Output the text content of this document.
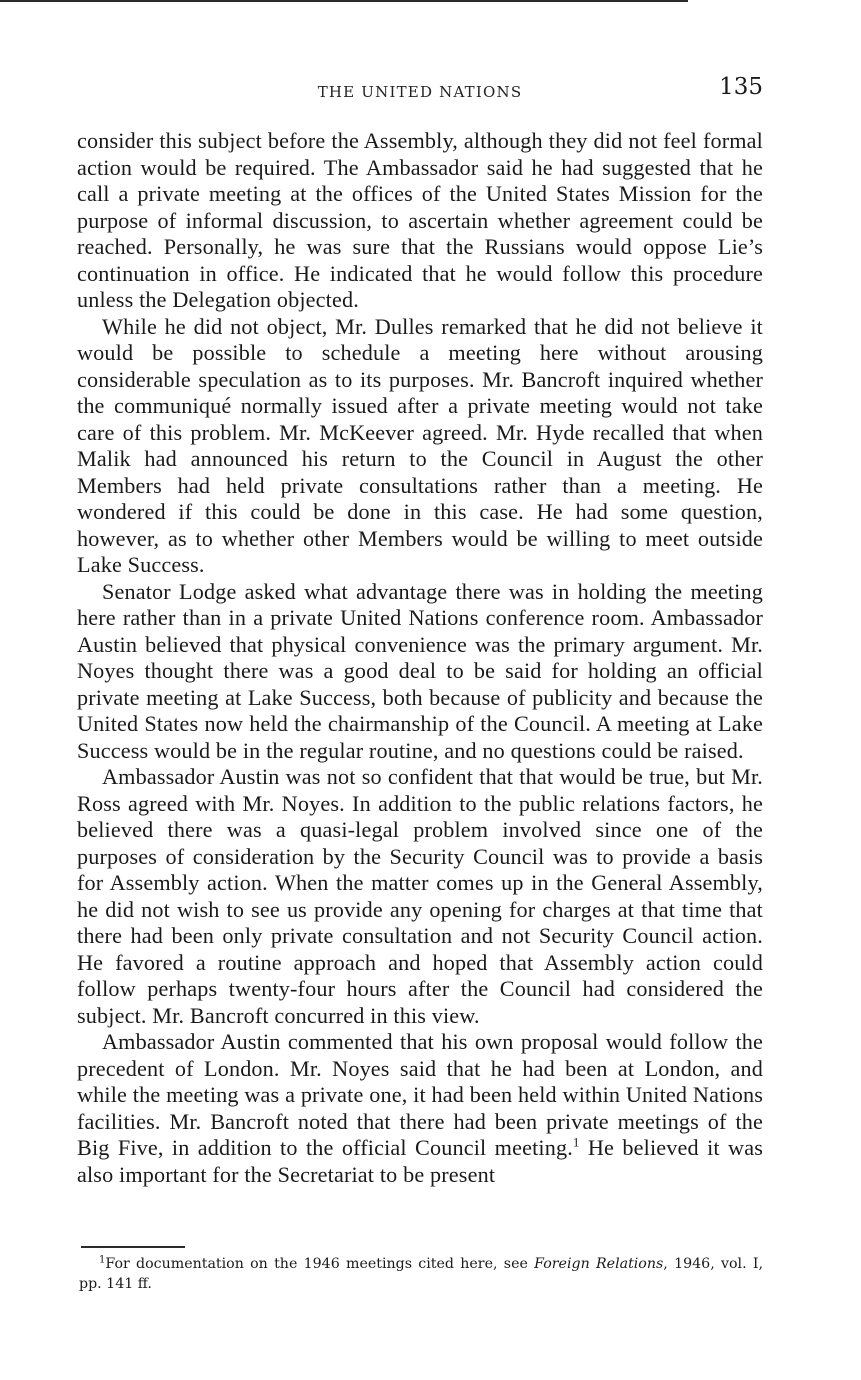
THE UNITED NATIONS	135

consider this subject before the Assembly, although they did not feel formal action would be required. The Ambassador said he had suggested that he call a private meeting at the offices of the United States Mission for the purpose of informal discussion, to ascertain whether agreement could be reached. Personally, he was sure that the Russians would oppose Lie’s continuation in office. He indicated that he would follow this procedure unless the Delegation objected.

While he did not object, Mr. Dulles remarked that he did not believe it would be possible to schedule a meeting here without arousing considerable speculation as to its purposes. Mr. Bancroft inquired whether the communiqué normally issued after a private meeting would not take care of this problem. Mr. McKeever agreed. Mr. Hyde recalled that when Malik had announced his return to the Council in August the other Members had held private consultations rather than a meeting. He wondered if this could be done in this case. He had some question, however, as to whether other Members would be willing to meet outside Lake Success.

Senator Lodge asked what advantage there was in holding the meeting here rather than in a private United Nations conference room. Ambassador Austin believed that physical convenience was the primary argument. Mr. Noyes thought there was a good deal to be said for holding an official private meeting at Lake Success, both because of publicity and because the United States now held the chairmanship of the Council. A meeting at Lake Success would be in the regular routine, and no questions could be raised.

Ambassador Austin was not so confident that that would be true, but Mr. Ross agreed with Mr. Noyes. In addition to the public relations factors, he believed there was a quasi-legal problem involved since one of the purposes of consideration by the Security Council was to provide a basis for Assembly action. When the matter comes up in the General Assembly, he did not wish to see us provide any opening for charges at that time that there had been only private consultation and not Security Council action. He favored a routine approach and hoped that Assembly action could follow perhaps twenty-four hours after the Council had considered the subject. Mr. Bancroft concurred in this view.

Ambassador Austin commented that his own proposal would follow the precedent of London. Mr. Noyes said that he had been at London, and while the meeting was a private one, it had been held within United Nations facilities. Mr. Bancroft noted that there had been private meetings of the Big Five, in addition to the official Council meeting.$^1$ He believed it was also important for the Secretariat to be present

$^1$For documentation on the 1946 meetings cited here, see Foreign Relations, 1946, vol. I, pp. 141 ff.
